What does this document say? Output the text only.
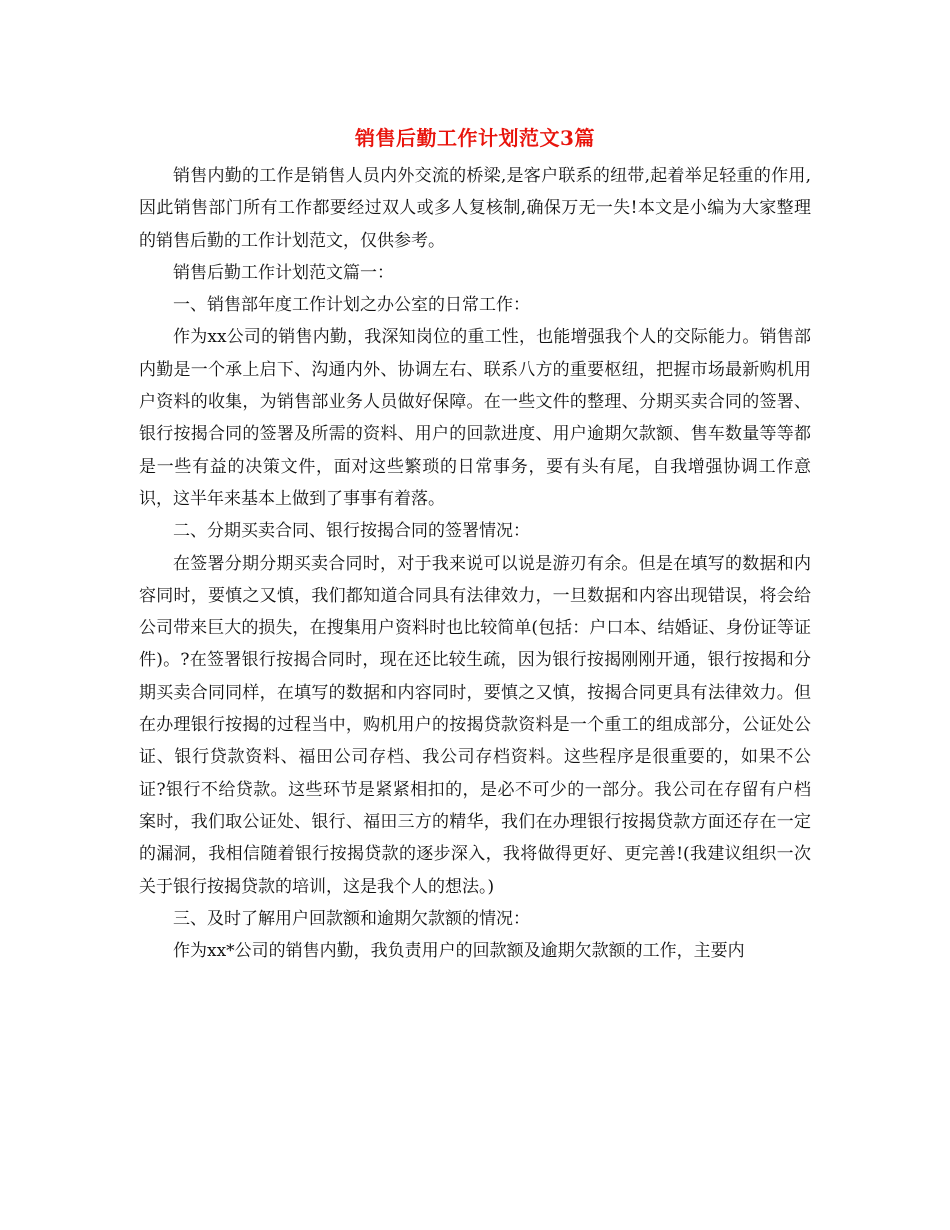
销售后勤工作计划范文3篇

销售内勤的工作是销售人员内外交流的桥梁,是客户联系的纽带,起着举足轻重的作用,因此销售部门所有工作都要经过双人或多人复核制,确保万无一失!本文是小编为大家整理的销售后勤的工作计划范文，仅供参考。

销售后勤工作计划范文篇一：

一、销售部年度工作计划之办公室的日常工作：

作为xx公司的销售内勤，我深知岗位的重工性，也能增强我个人的交际能力。销售部内勤是一个承上启下、沟通内外、协调左右、联系八方的重要枢纽，把握市场最新购机用户资料的收集，为销售部业务人员做好保障。在一些文件的整理、分期买卖合同的签署、银行按揭合同的签署及所需的资料、用户的回款进度、用户逾期欠款额、售车数量等等都是一些有益的决策文件，面对这些繁琐的日常事务，要有头有尾，自我增强协调工作意识，这半年来基本上做到了事事有着落。

二、分期买卖合同、银行按揭合同的签署情况：

在签署分期分期买卖合同时，对于我来说可以说是游刃有余。但是在填写的数据和内容同时，要慎之又慎，我们都知道合同具有法律效力，一旦数据和内容出现错误，将会给公司带来巨大的损失，在搜集用户资料时也比较简单(包括：户口本、结婚证、身份证等证件)。?在签署银行按揭合同时，现在还比较生疏，因为银行按揭刚刚开通，银行按揭和分期买卖合同同样，在填写的数据和内容同时，要慎之又慎，按揭合同更具有法律效力。但在办理银行按揭的过程当中，购机用户的按揭贷款资料是一个重工的组成部分，公证处公证、银行贷款资料、福田公司存档、我公司存档资料。这些程序是很重要的，如果不公证?银行不给贷款。这些环节是紧紧相扣的，是必不可少的一部分。我公司在存留有户档案时，我们取公证处、银行、福田三方的精华，我们在办理银行按揭贷款方面还存在一定的漏洞，我相信随着银行按揭贷款的逐步深入，我将做得更好、更完善!(我建议组织一次关于银行按揭贷款的培训，这是我个人的想法。)

三、及时了解用户回款额和逾期欠款额的情况：

作为xx*公司的销售内勤，我负责用户的回款额及逾期欠款额的工作，主要内
